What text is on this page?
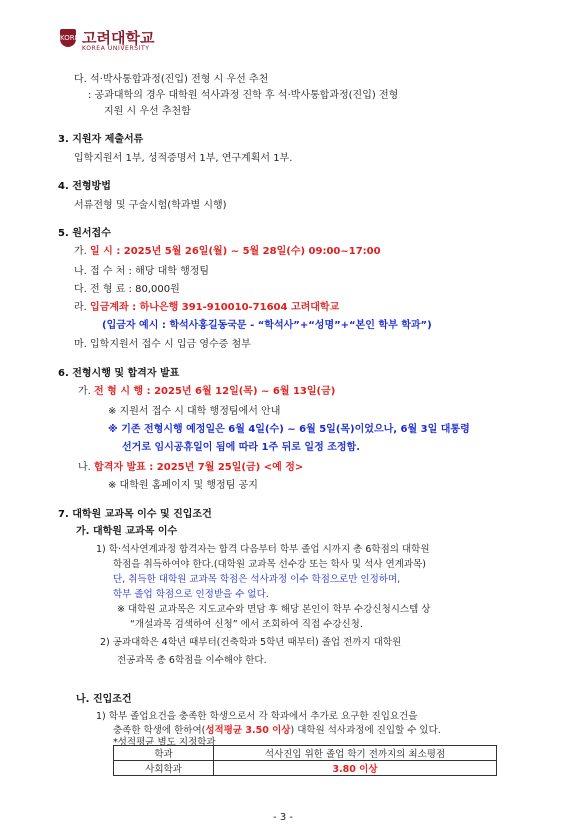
KOREA
고려대학교
KOREA UNIVERSITY
다. 석·박사통합과정(진입) 전형 시 우선 추천
: 공과대학의 경우 대학원 석사과정 진학 후 석·박사통합과정(진입) 전형
지원 시 우선 추천함
3. 지원자 제출서류
입학지원서 1부, 성적증명서 1부, 연구계획서 1부.
4. 전형방법
서류전형 및 구술시험(학과별 시행)
5. 원서접수
가. 일 시 : 2025년 5월 26일(월) ~ 5월 28일(수) 09:00~17:00
나. 접 수 처 : 해당 대학 행정팀
다. 전 형 료 : 80,000원
라. 입금계좌 : 하나은행 391-910010-71604 고려대학교
(입금자 예시 : 학석사홍길동국문 - “학석사”+“성명”+“본인 학부 학과”)
마. 입학지원서 접수 시 입금 영수증 첨부
6. 전형시행 및 합격자 발표
가. 전 형 시 행 : 2025년 6월 12일(목) ~ 6월 13일(금)
※ 지원서 접수 시 대학 행정팀에서 안내
※ 기존 전형시행 예정일은 6월 4일(수) ~ 6월 5일(목)이었으나, 6월 3일 대통령
선거로 임시공휴일이 됨에 따라 1주 뒤로 일정 조정함.
나. 합격자 발표 : 2025년 7월 25일(금) <예 정>
※ 대학원 홈페이지 및 행정팀 공지
7. 대학원 교과목 이수 및 진입조건
가. 대학원 교과목 이수
1) 학·석사연계과정 합격자는 합격 다음부터 학부 졸업 시까지 총 6학점의 대학원
학점을 취득하여야 한다.(대학원 교과목 선수강 또는 학사 및 석사 연계과목)
단, 취득한 대학원 교과목 학점은 석사과정 이수 학점으로만 인정하며,
학부 졸업 학점으로 인정받을 수 없다.
※ 대학원 교과목은 지도교수와 면담 후 해당 본인이 학부 수강신청시스템 상
“개설과목 검색하여 신청” 에서 조회하여 직접 수강신청.
2) 공과대학은 4학년 때부터(건축학과 5학년 때부터) 졸업 전까지 대학원
전공과목 총 6학점을 이수해야 한다.
나. 진입조건
1) 학부 졸업요건을 충족한 학생으로서 각 학과에서 추가로 요구한 진입요건을
충족한 학생에 한하여(성적평균 3.50 이상) 대학원 석사과정에 진입할 수 있다.
*성적평균 별도 지정학과
학과	석사진입 위한 졸업 학기 전까지의 최소평점
사회학과	3.80 이상
- 3 -
